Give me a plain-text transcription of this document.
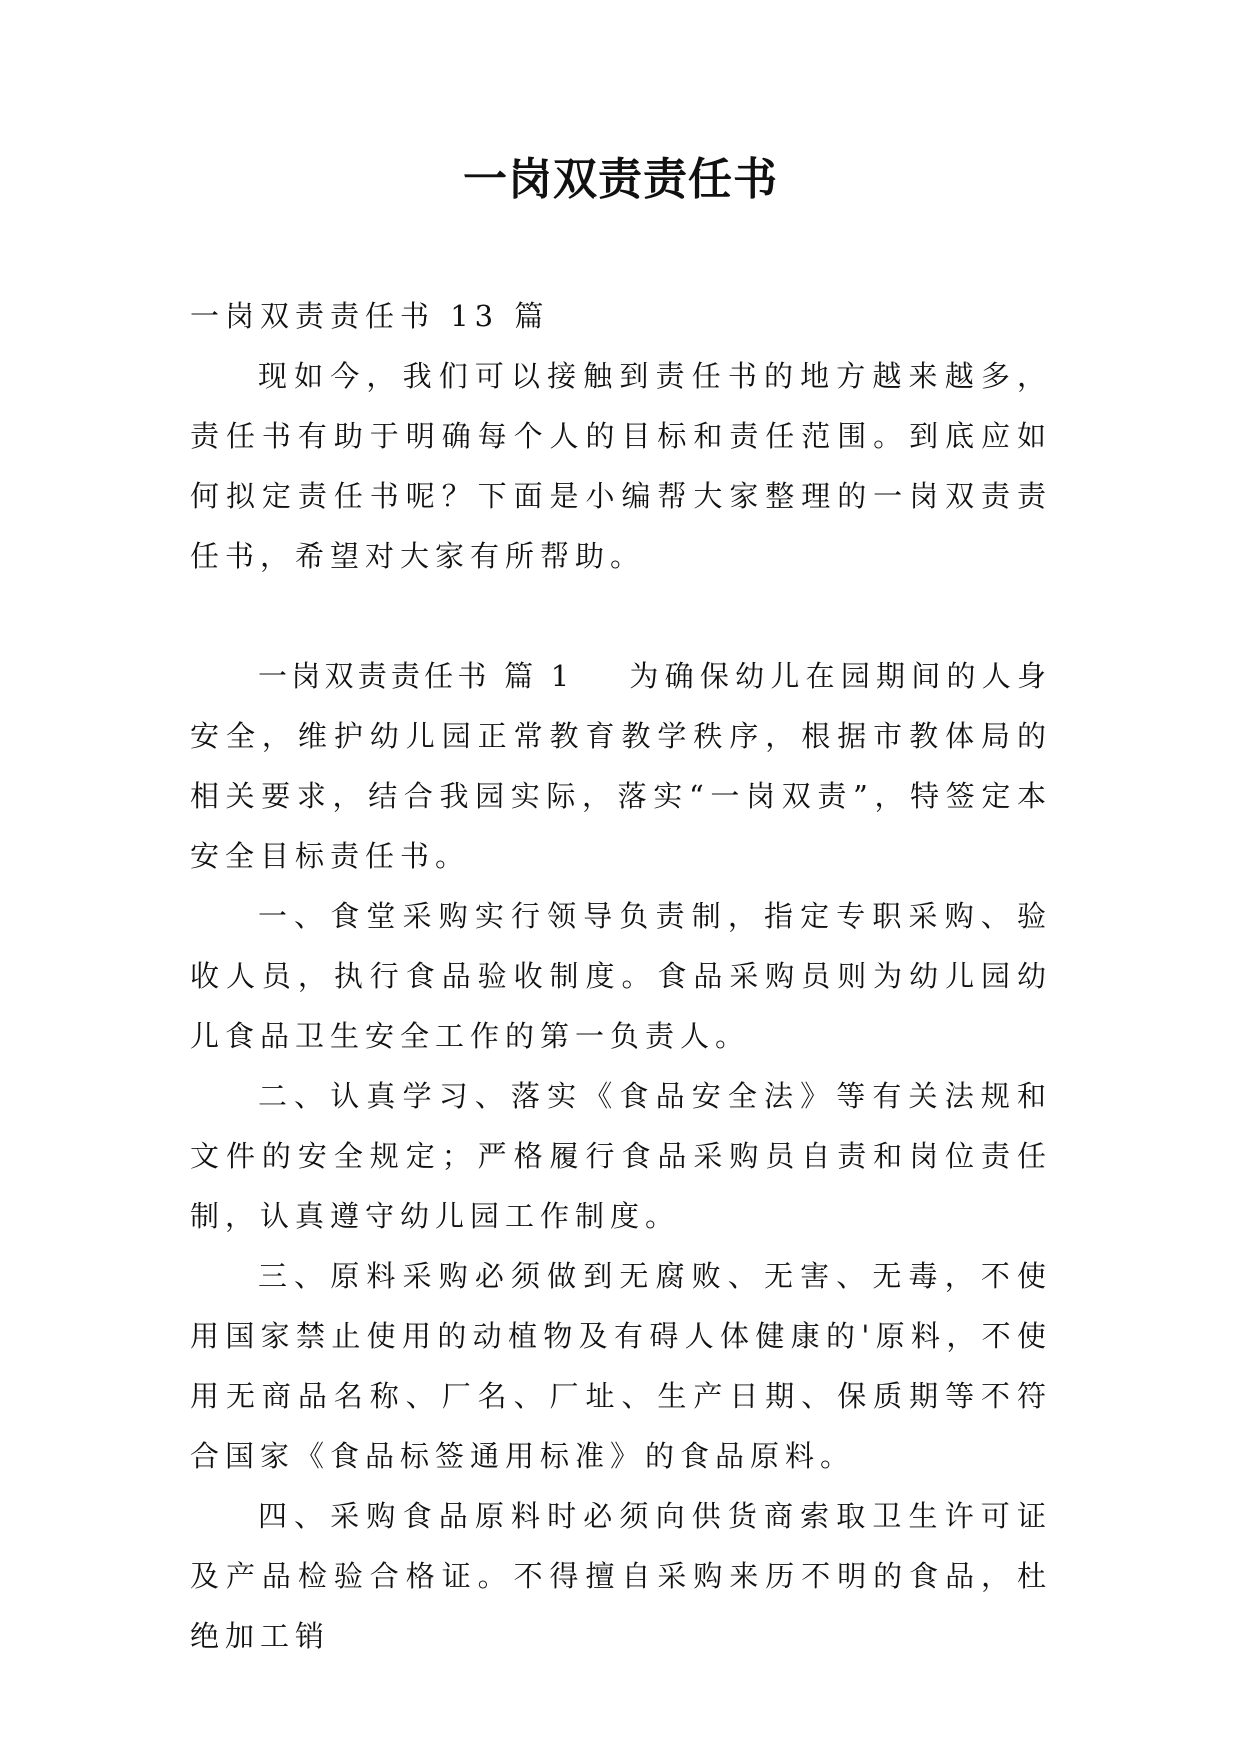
一岗双责责任书

一岗双责责任书 13 篇

现如今，我们可以接触到责任书的地方越来越多，责任书有助于明确每个人的目标和责任范围。到底应如何拟定责任书呢？下面是小编帮大家整理的一岗双责责任书，希望对大家有所帮助。

一岗双责责任书 篇 1 为确保幼儿在园期间的人身安全，维护幼儿园正常教育教学秩序，根据市教体局的相关要求，结合我园实际，落实“一岗双责”，特签定本安全目标责任书。

一、食堂采购实行领导负责制，指定专职采购、验收人员，执行食品验收制度。食品采购员则为幼儿园幼儿食品卫生安全工作的第一负责人。

二、认真学习、落实《食品安全法》等有关法规和文件的安全规定；严格履行食品采购员自责和岗位责任制，认真遵守幼儿园工作制度。

三、原料采购必须做到无腐败、无害、无毒，不使用国家禁止使用的动植物及有碍人体健康的'原料，不使用无商品名称、厂名、厂址、生产日期、保质期等不符合国家《食品标签通用标准》的食品原料。

四、采购食品原料时必须向供货商索取卫生许可证及产品检验合格证。不得擅自采购来历不明的食品，杜绝加工销
